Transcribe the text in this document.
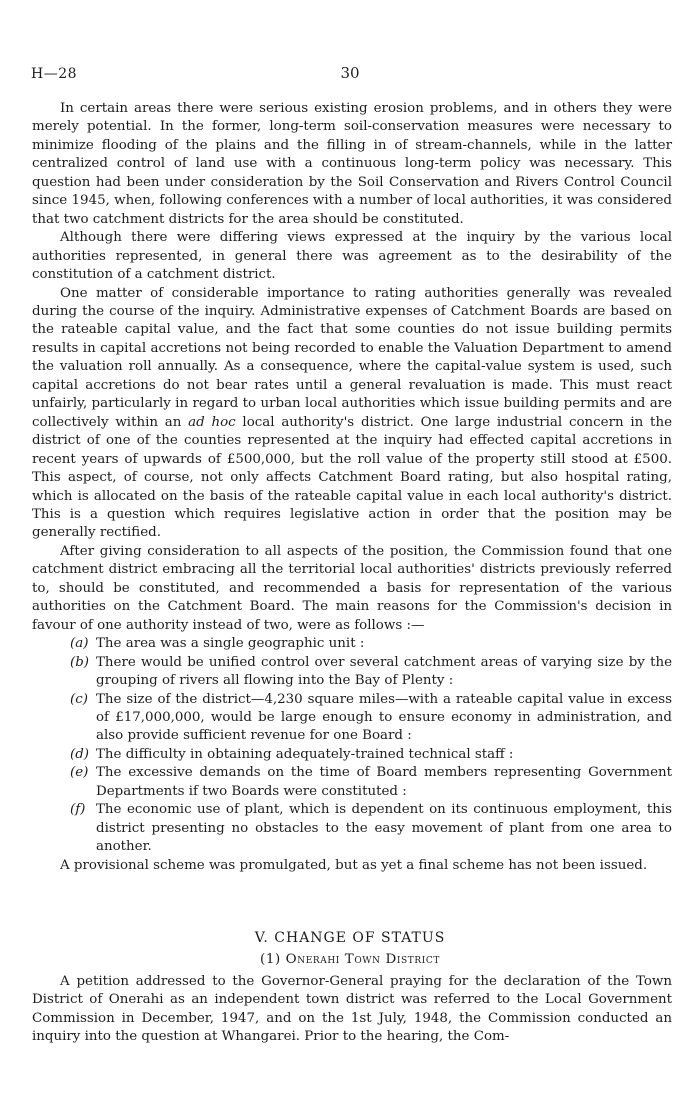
H—28	30

In certain areas there were serious existing erosion problems, and in others they were merely potential. In the former, long-term soil-conservation measures were necessary to minimize flooding of the plains and the filling in of stream-channels, while in the latter centralized control of land use with a continuous long-term policy was necessary. This question had been under consideration by the Soil Conservation and Rivers Control Council since 1945, when, following conferences with a number of local authorities, it was considered that two catchment districts for the area should be constituted.

Although there were differing views expressed at the inquiry by the various local authorities represented, in general there was agreement as to the desirability of the constitution of a catchment district.

One matter of considerable importance to rating authorities generally was revealed during the course of the inquiry. Administrative expenses of Catchment Boards are based on the rateable capital value, and the fact that some counties do not issue building permits results in capital accretions not being recorded to enable the Valuation Department to amend the valuation roll annually. As a consequence, where the capital-value system is used, such capital accretions do not bear rates until a general revaluation is made. This must react unfairly, particularly in regard to urban local authorities which issue building permits and are collectively within an ad hoc local authority's district. One large industrial concern in the district of one of the counties represented at the inquiry had effected capital accretions in recent years of upwards of £500,000, but the roll value of the property still stood at £500. This aspect, of course, not only affects Catchment Board rating, but also hospital rating, which is allocated on the basis of the rateable capital value in each local authority's district. This is a question which requires legislative action in order that the position may be generally rectified.

After giving consideration to all aspects of the position, the Commission found that one catchment district embracing all the territorial local authorities' districts previously referred to, should be constituted, and recommended a basis for representation of the various authorities on the Catchment Board. The main reasons for the Commission's decision in favour of one authority instead of two, were as follows :—

(a) The area was a single geographic unit :
(b) There would be unified control over several catchment areas of varying size by the grouping of rivers all flowing into the Bay of Plenty :
(c) The size of the district—4,230 square miles—with a rateable capital value in excess of £17,000,000, would be large enough to ensure economy in administration, and also provide sufficient revenue for one Board :
(d) The difficulty in obtaining adequately-trained technical staff :
(e) The excessive demands on the time of Board members representing Government Departments if two Boards were constituted :
(f) The economic use of plant, which is dependent on its continuous employment, this district presenting no obstacles to the easy movement of plant from one area to another.

A provisional scheme was promulgated, but as yet a final scheme has not been issued.

V. CHANGE OF STATUS
(1) Onerahi Town District

A petition addressed to the Governor-General praying for the declaration of the Town District of Onerahi as an independent town district was referred to the Local Government Commission in December, 1947, and on the 1st July, 1948, the Commission conducted an inquiry into the question at Whangarei. Prior to the hearing, the Com-
